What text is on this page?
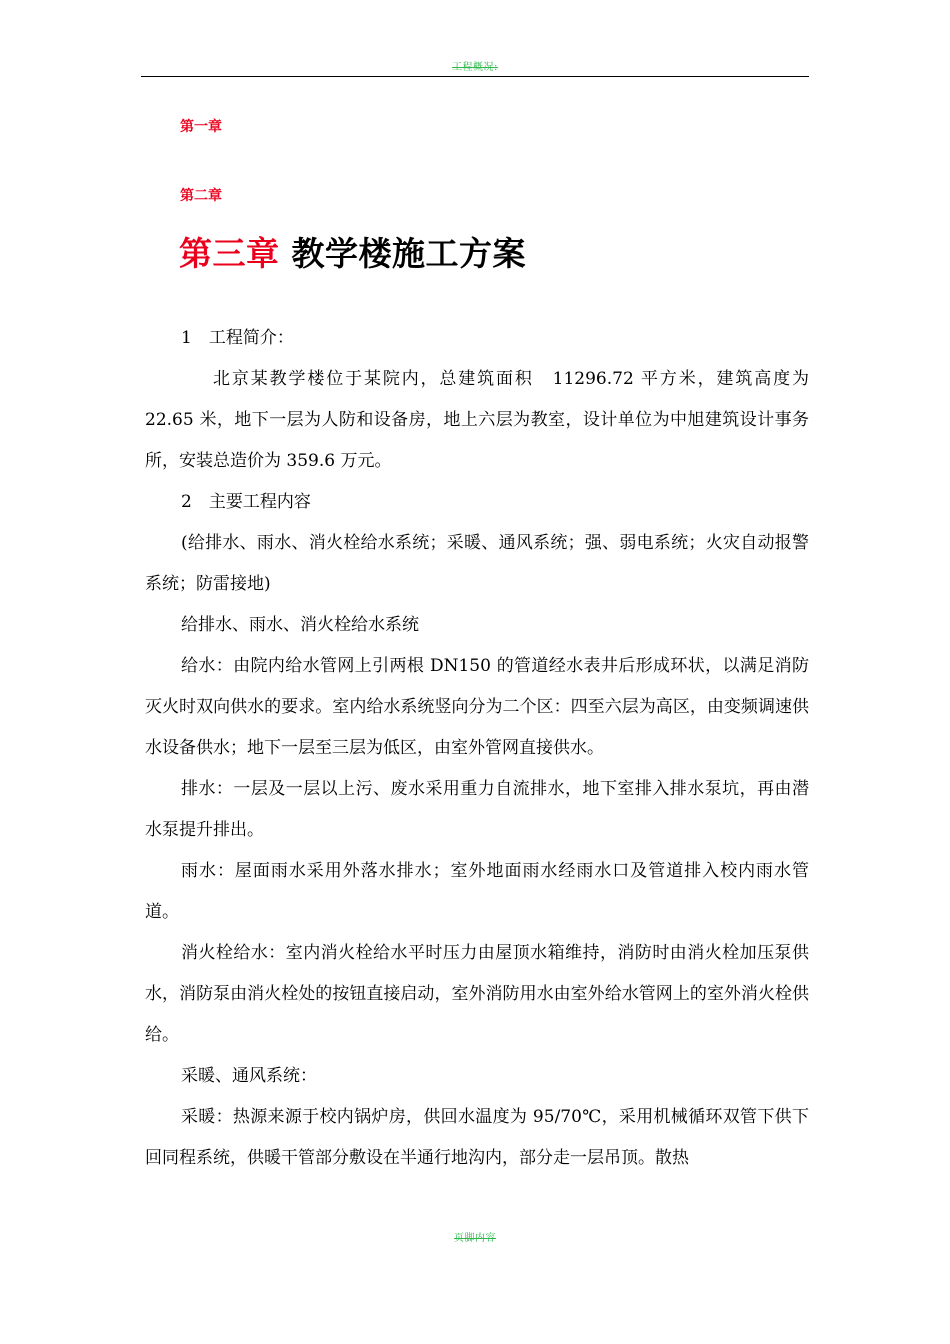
工程概况:
第一章
第二章
第三章 教学楼施工方案

1　工程简介：

北京某教学楼位于某院内，总建筑面积　11296.72 平方米，建筑高度为 22.65 米，地下一层为人防和设备房，地上六层为教室，设计单位为中旭建筑设计事务所，安装总造价为 359.6 万元。

2　主要工程内容

(给排水、雨水、消火栓给水系统；采暖、通风系统；强、弱电系统；火灾自动报警系统；防雷接地)

给排水、雨水、消火栓给水系统

给水：由院内给水管网上引两根 DN150 的管道经水表井后形成环状，以满足消防灭火时双向供水的要求。室内给水系统竖向分为二个区：四至六层为高区，由变频调速供水设备供水；地下一层至三层为低区，由室外管网直接供水。

排水：一层及一层以上污、废水采用重力自流排水，地下室排入排水泵坑，再由潜水泵提升排出。

雨水：屋面雨水采用外落水排水；室外地面雨水经雨水口及管道排入校内雨水管道。

消火栓给水：室内消火栓给水平时压力由屋顶水箱维持，消防时由消火栓加压泵供水，消防泵由消火栓处的按钮直接启动，室外消防用水由室外给水管网上的室外消火栓供给。

采暖、通风系统：

采暖：热源来源于校内锅炉房，供回水温度为 95/70℃，采用机械循环双管下供下回同程系统，供暖干管部分敷设在半通行地沟内，部分走一层吊顶。散热

页脚内容
